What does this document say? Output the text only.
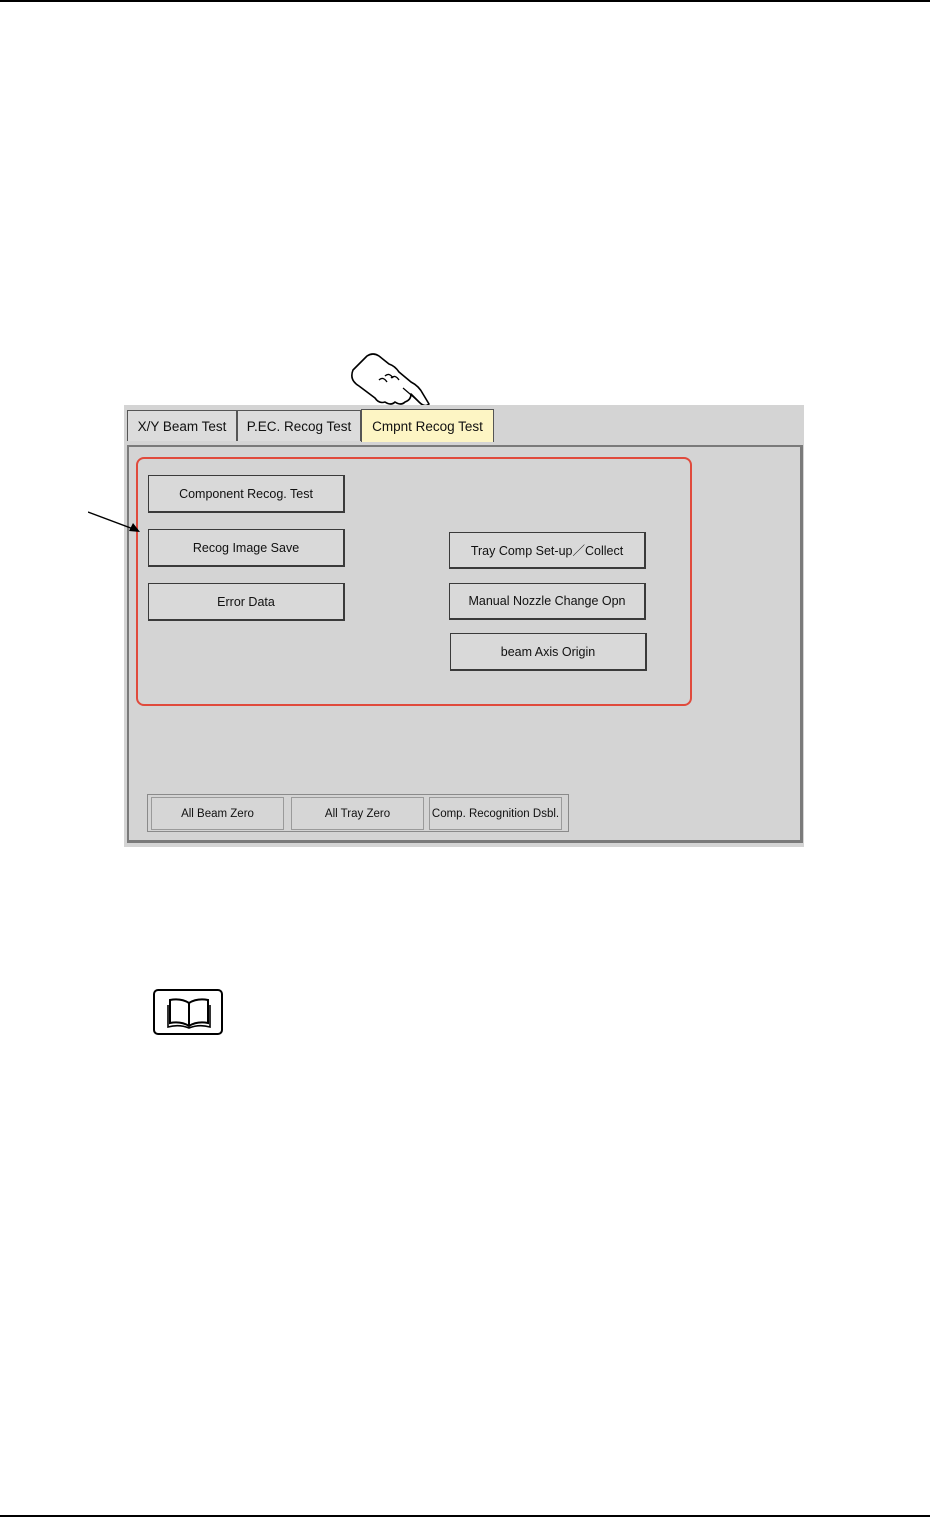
X/Y Beam Test	P.EC. Recog Test	Cmpnt Recog Test
Component Recog. Test
Recog Image Save
Error Data
Tray Comp Set-up／Collect
Manual Nozzle Change Opn
beam Axis Origin
All Beam Zero	All Tray Zero	Comp. Recognition Dsbl.
